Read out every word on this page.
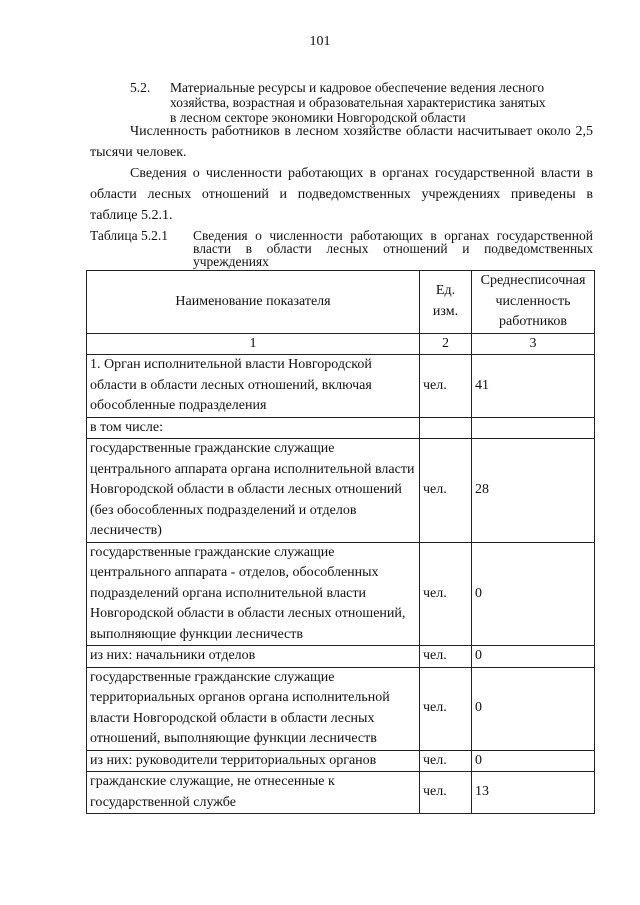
101
5.2. Материальные ресурсы и кадровое обеспечение ведения лесного
хозяйства, возрастная и образовательная характеристика занятых
в лесном секторе экономики Новгородской области

Численность работников в лесном хозяйстве области насчитывает около 2,5 тысячи человек.

Сведения о численности работающих в органах государственной власти в области лесных отношений и подведомственных учреждениях приведены в таблице 5.2.1.

Таблица 5.2.1 Сведения о численности работающих в органах государственной власти в области лесных отношений и подведомственных учреждениях
Наименование показателя	Ед. изм.	Среднесписочная численность работников
1	2	3
1. Орган исполнительной власти Новгородской области в области лесных отношений, включая обособленные подразделения	чел.	41
в том числе:		
государственные гражданские служащие центрального аппарата органа исполнительной власти Новгородской области в области лесных отношений (без обособленных подразделений и отделов лесничеств)	чел.	28
государственные гражданские служащие центрального аппарата - отделов, обособленных подразделений органа исполнительной власти Новгородской области в области лесных отношений, выполняющие функции лесничеств	чел.	0
из них: начальники отделов	чел.	0
государственные гражданские служащие территориальных органов органа исполнительной власти Новгородской области в области лесных отношений, выполняющие функции лесничеств	чел.	0
из них: руководители территориальных органов	чел.	0
гражданские служащие, не отнесенные к государственной службе	чел.	13
